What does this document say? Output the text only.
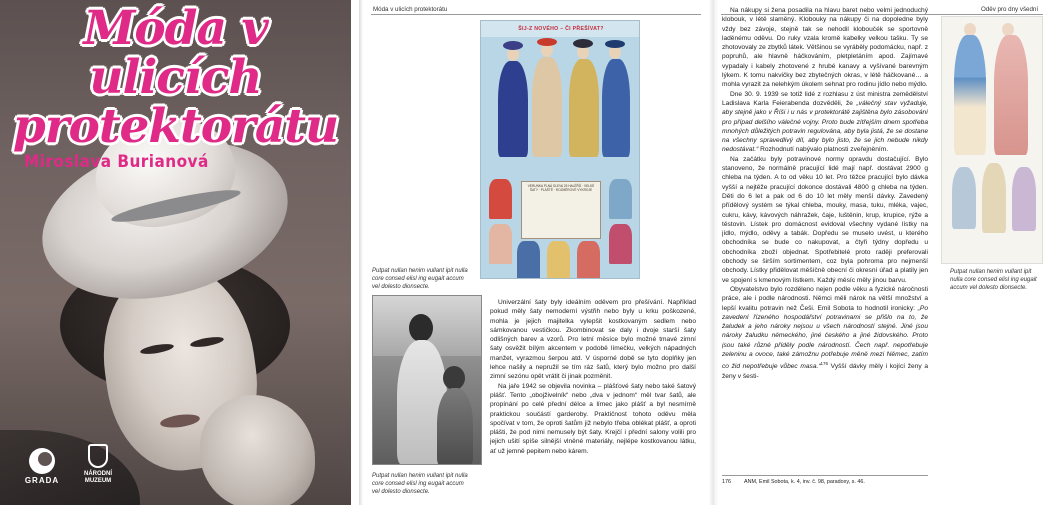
Móda v ulicích protektorátu
Miroslava Burianová
GRADA
NÁRODNÍ MUZEUM
Móda v ulicích protektorátu	Oděv pro dny všední
ŠIJ-Z NOVÉHO – ČI PŘEŠÍVAT?
VERUNKA PLNÁ SLEVA 25 HALÉŘŮ · VELKÉ ŠATY · PLÁŠTĚ · ROZMĚROVÉ VYKROJE
Putpat nullan henim vullant ipit nulla core consed elisl ing eugait accum vel dolesto dionsecte.
Putpat nullan henim vullant ipit nulla core consed elisl ing eugait accum vel dolesto dionsecte.

Univerzální šaty byly ideálním oděvem pro přešívání. Například pokud měly šaty nemoderní výstřih nebo byly u krku poškozené, mohla je jejich majitelka vylepšit kostkovaným sedlem nebo sámkovanou vestičkou. Zkombinovat se daly i dvoje starší šaty odlišných barev a vzorů. Pro letní měsíce bylo možné tmavé zimní šaty osvěžit bílým akcentem v podobě límečku, velkých nápadných manžet, vyrazmou šerpou atd. V úsporné době se tyto doplňky jen lehce našily a nepružil se tím ráz šatů, který bylo možno pro další zimní sezónu opět vrátit či jinak pozměnit.

Na jaře 1942 se objevila novinka – plášťové šaty nebo také šatový plášť. Tento „obojživelník“ nebo „dva v jednom“ měl tvar šatů, ale propínání po celé přední délce a límec jako plášť a byl nesmírně praktickou součástí garderoby. Praktičnost tohoto oděvu měla spočívat v tom, že oproti šatům již nebylo třeba oblékat plášť, a oproti plášti, že pod nimi nemusely být šaty. Krejčí i přední salony volili pro jejich ušití spíše silnější vlněné materiály, nejlépe kostkovanou látku, ať už jemně pepitem nebo kárem.

Na nákupy si žena posadila na hlavu baret nebo velmi jednoduchý klobouk, v létě slaměný. Klobouky na nákupy či na dopoledne byly vždy bez závoje, stejně tak se nehodil kloboučék se sportovně laděnému oděvu. Do ruky vzala kromě kabelky velkou tašku. Ty se zhotovovaly ze zbytků látek. Většinou se vyráběly podomácku, např. z popruhů, ale hlavně háčkováním, pletpletáním apod. Zajímavé vypadaly i kabely zhotovené z hrubé kanavy a vyšívané barevným lýkem. K tomu nakvičky bez zbytečných okras, v létě háčkované… a mohla vyrazit za nelehkým úkolem sehnat pro rodinu jídlo nebo mýdlo.

Dne 30. 9. 1939 se totiž lidé z rozhlasu z úst ministra zemědělství Ladislava Karla Feierabenda dozvěděli, že „válečný stav vyžaduje, aby stejně jako v Říši i u nás v protektorátě zajištěna bylo zásobování pro případ delšího válečné vojny. Proto bude zítřejším dnem spotřeba mnohých důležitých potravin regulována, aby byla jistá, že se dostane na všechny spravedlivý díl, aby bylo jisto, že se jich nebude nikdy nedostávat.“ Rozhodnutí nabývalo platnosti zveřejněním.

Na začátku byly potravinové normy opravdu dostačující. Bylo stanoveno, že normálně pracující lidé mají např. dostávat 2900 g chleba na týden. A to od věku 10 let. Pro těžce pracující bylo dávka vyšší a nejtěže pracující dokonce dostávali 4800 g chleba na týden. Děti do 6 let a pak od 6 do 10 let měly menší dávky. Zavedený přídělový systém se týkal chleba, mouky, masa, tuku, mléka, vajec, cukru, kávy, kávových náhražek, čaje, luštěnin, krup, krupice, rýže a těstovin. Lístek pro domácnost evidoval všechny vydané lístky na jídlo, mýdlo, oděvy a tabák. Dopředu se muselo uvést, u kterého obchodníka se bude co nakupovat, a čtyři týdny dopředu u obchodníka zboží objednat. Spotřebitelé proto raději preferovali obchody se širším sortimentem, coz byla pohroma pro nejmenší obchody. Lístky přidělovat měšíčně obecní či okresní úřad a platily jen ve spojení s kmenovým lístkem. Každý měsíc měly jinou barvu.

Obyvatelstvo bylo rozděleno nejen podle věku a fyzické náročnosti práce, ale i podle národnosti. Němci měli nárok na větší množství a lepší kvalitu potravin než Češi. Emil Sobota to hodnotil ironicky: „Po zavedení řízeného hospodářství potravinami se přišlo na to, že žaludek a jeho nároky nejsou u všech národností stejné. Jiné jsou nároky žaludku německého, jiné českého a jiné židovského. Proto jsou také různé příděly podle národností. Čech např. nepotřebuje zeleninu a ovoce, také zámožnu potřebuje měně mezi Němec, zatím co žid nepotřebuje vůbec masa.“$^{176}$ Vyšší dávky měly i kojící ženy a ženy v šesti-

176 ANM, Emil Sobota, k. 4, inv. č. 98, paradoxy, s. 46.
Putpat nullan henim vullant ipit nulla core consed elisl ing eugait accum vel dolesto dionsecte.
